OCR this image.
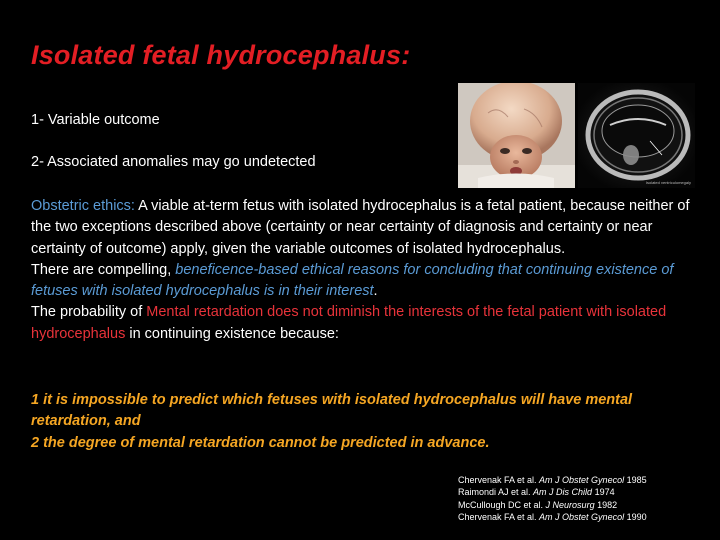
Isolated fetal hydrocephalus:
1- Variable outcome
2- Associated anomalies may go undetected
Isolated ventriculomegaly

Obstetric ethics: A viable at-term fetus with isolated hydrocephalus is a fetal patient, because neither of the two exceptions described above (certainty or near certainty of diagnosis and certainty or near certainty of outcome) apply, given the variable outcomes of isolated hydrocephalus.

There are compelling, beneficence-based ethical reasons for concluding that continuing existence of fetuses with isolated hydrocephalus is in their interest.

The probability of Mental retardation does not diminish the interests of the fetal patient with isolated hydrocephalus in continuing existence because:

1 it is impossible to predict which fetuses with isolated hydrocephalus will have mental retardation, and

2 the degree of mental retardation cannot be predicted in advance.

Chervenak FA et al. Am J Obstet Gynecol 1985

Raimondi AJ et al. Am J Dis Child 1974

McCullough DC et al. J Neurosurg 1982

Chervenak FA et al. Am J Obstet Gynecol 1990
